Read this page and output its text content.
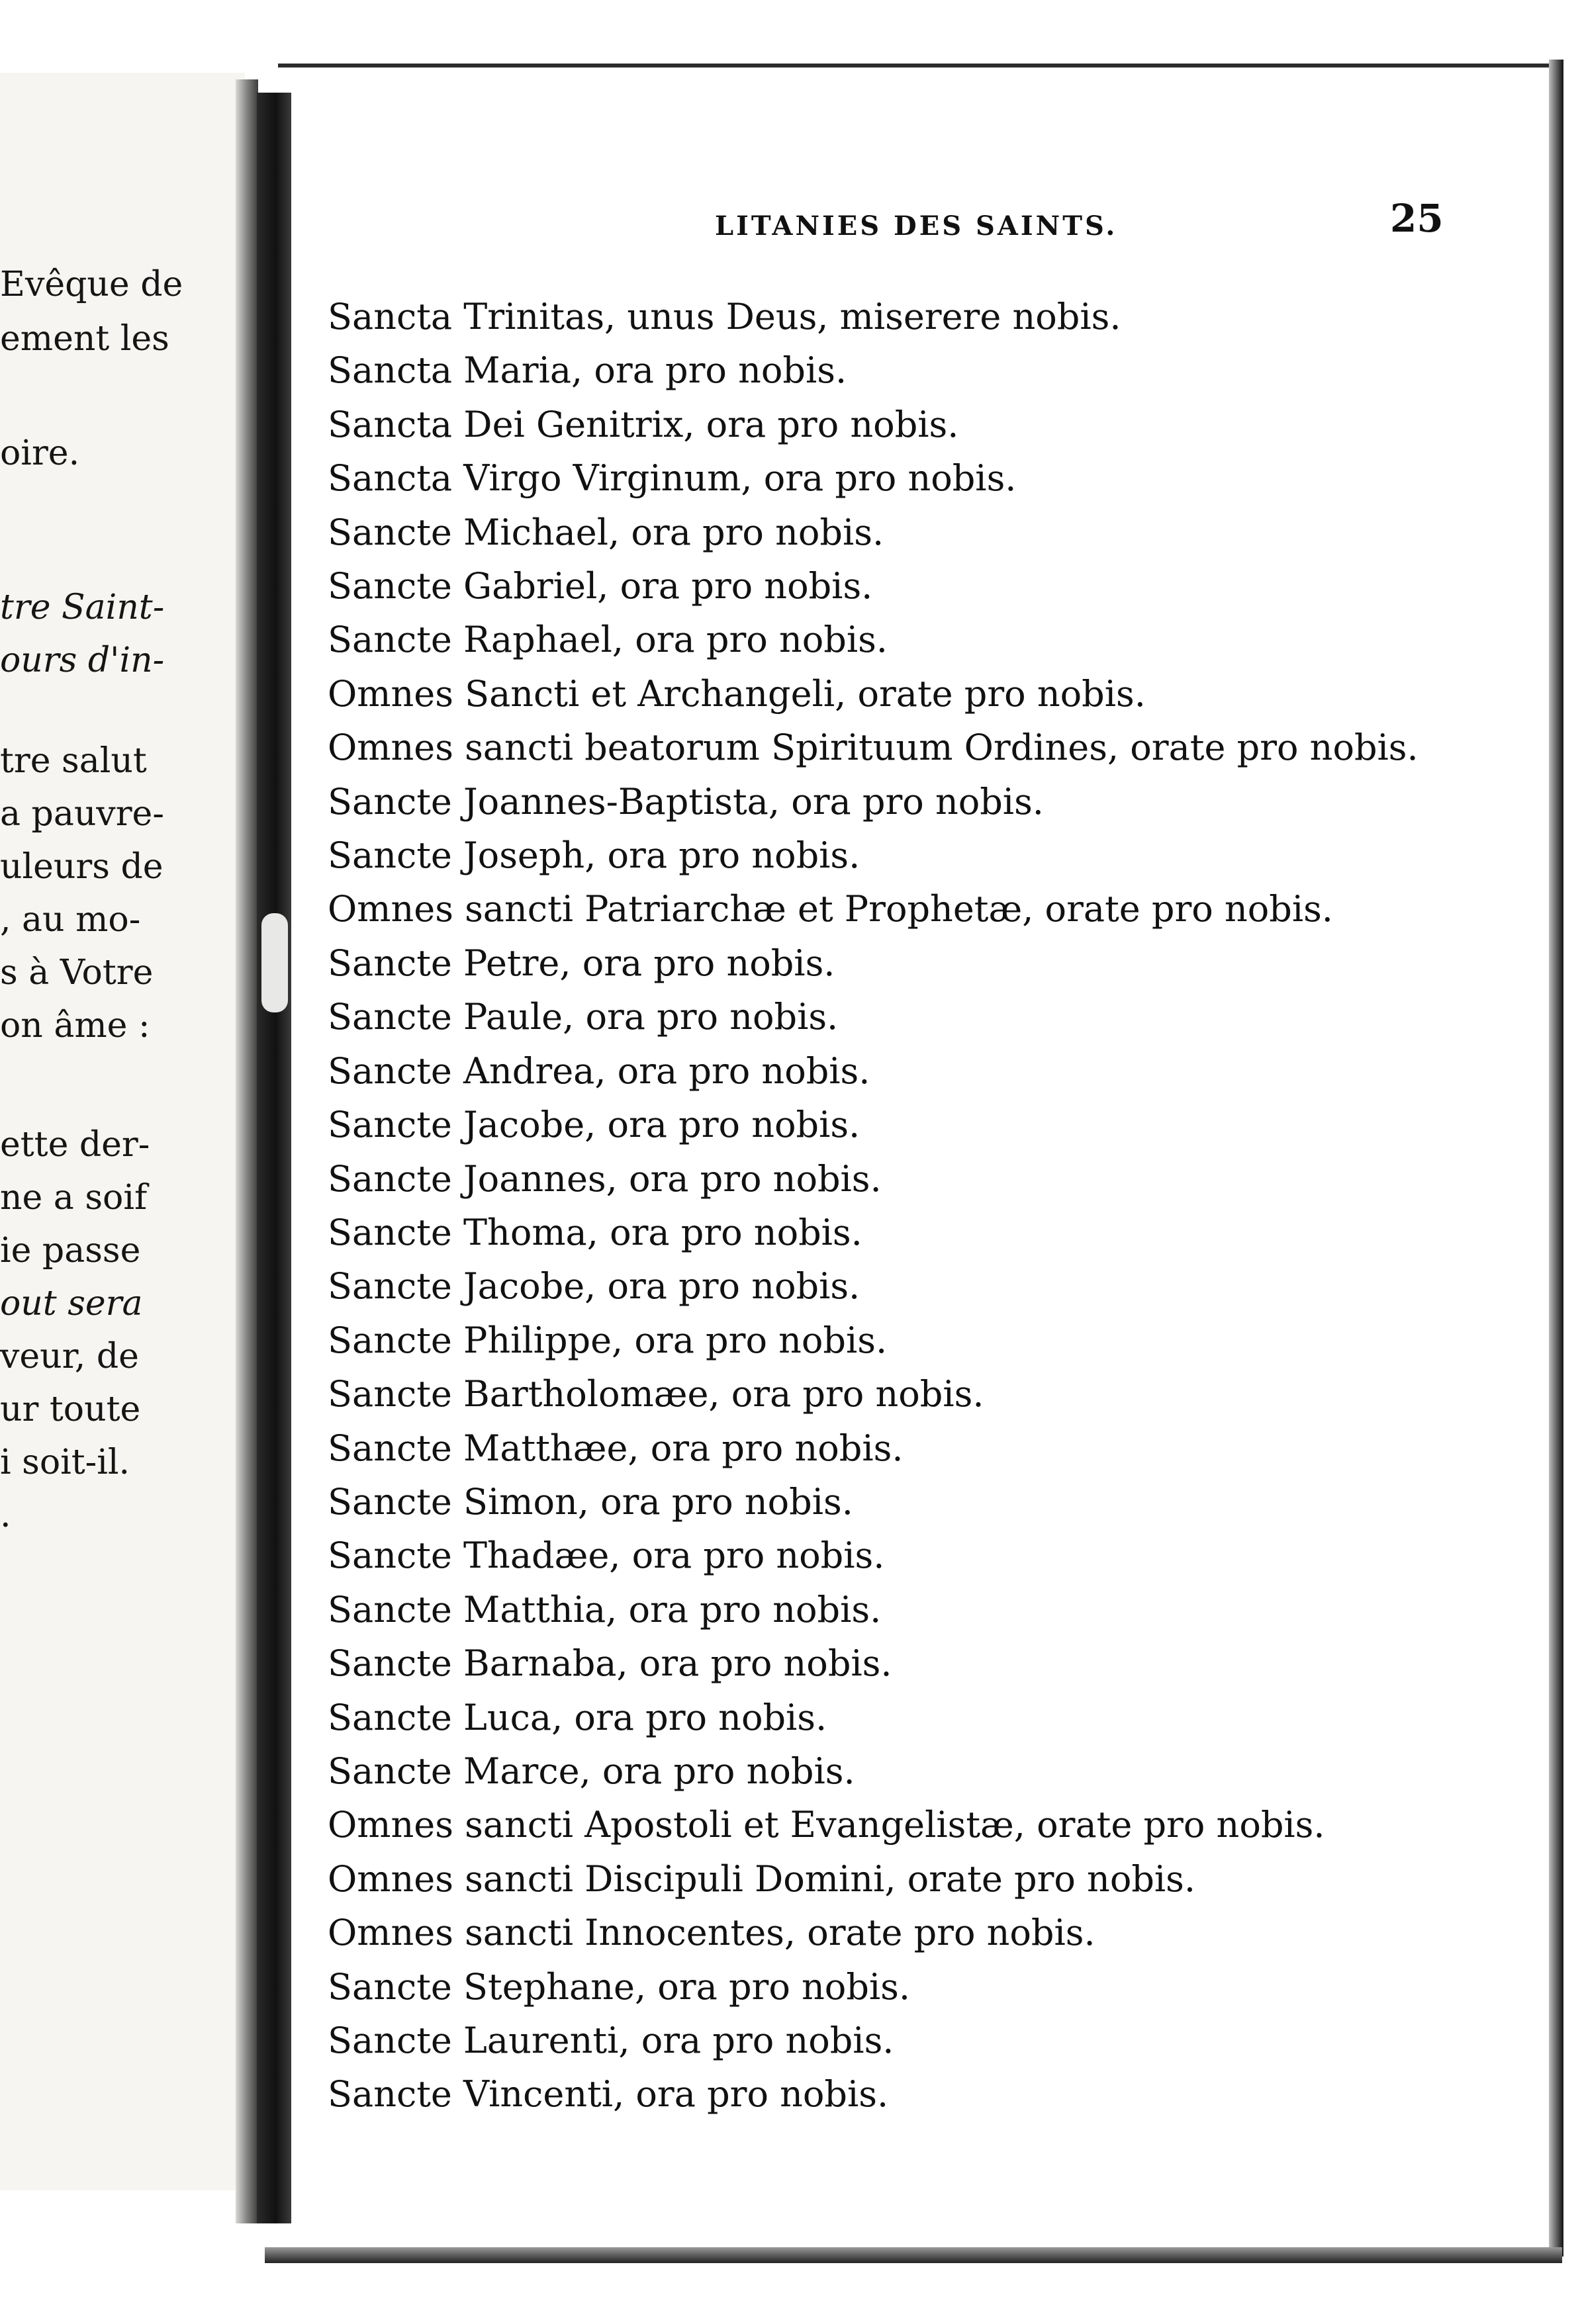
Evêque de
ement les
oire.
tre Saint-
ours d'in-
tre salut
a pauvre-
uleurs de
, au mo-
s à Votre
on âme :
ette der-
ne a soif
ie passe
out sera
veur, de
ur toute
i soit-il.
.
LITANIES DES SAINTS.	25
Sancta Trinitas, unus Deus, miserere nobis.
Sancta Maria, ora pro nobis.
Sancta Dei Genitrix, ora pro nobis.
Sancta Virgo Virginum, ora pro nobis.
Sancte Michael, ora pro nobis.
Sancte Gabriel, ora pro nobis.
Sancte Raphael, ora pro nobis.
Omnes Sancti et Archangeli, orate pro nobis.
Omnes sancti beatorum Spirituum Ordines, orate pro nobis.
Sancte Joannes-Baptista, ora pro nobis.
Sancte Joseph, ora pro nobis.
Omnes sancti Patriarchæ et Prophetæ, orate pro nobis.
Sancte Petre, ora pro nobis.
Sancte Paule, ora pro nobis.
Sancte Andrea, ora pro nobis.
Sancte Jacobe, ora pro nobis.
Sancte Joannes, ora pro nobis.
Sancte Thoma, ora pro nobis.
Sancte Jacobe, ora pro nobis.
Sancte Philippe, ora pro nobis.
Sancte Bartholomæe, ora pro nobis.
Sancte Matthæe, ora pro nobis.
Sancte Simon, ora pro nobis.
Sancte Thadæe, ora pro nobis.
Sancte Matthia, ora pro nobis.
Sancte Barnaba, ora pro nobis.
Sancte Luca, ora pro nobis.
Sancte Marce, ora pro nobis.
Omnes sancti Apostoli et Evangelistæ, orate pro nobis.
Omnes sancti Discipuli Domini, orate pro nobis.
Omnes sancti Innocentes, orate pro nobis.
Sancte Stephane, ora pro nobis.
Sancte Laurenti, ora pro nobis.
Sancte Vincenti, ora pro nobis.
